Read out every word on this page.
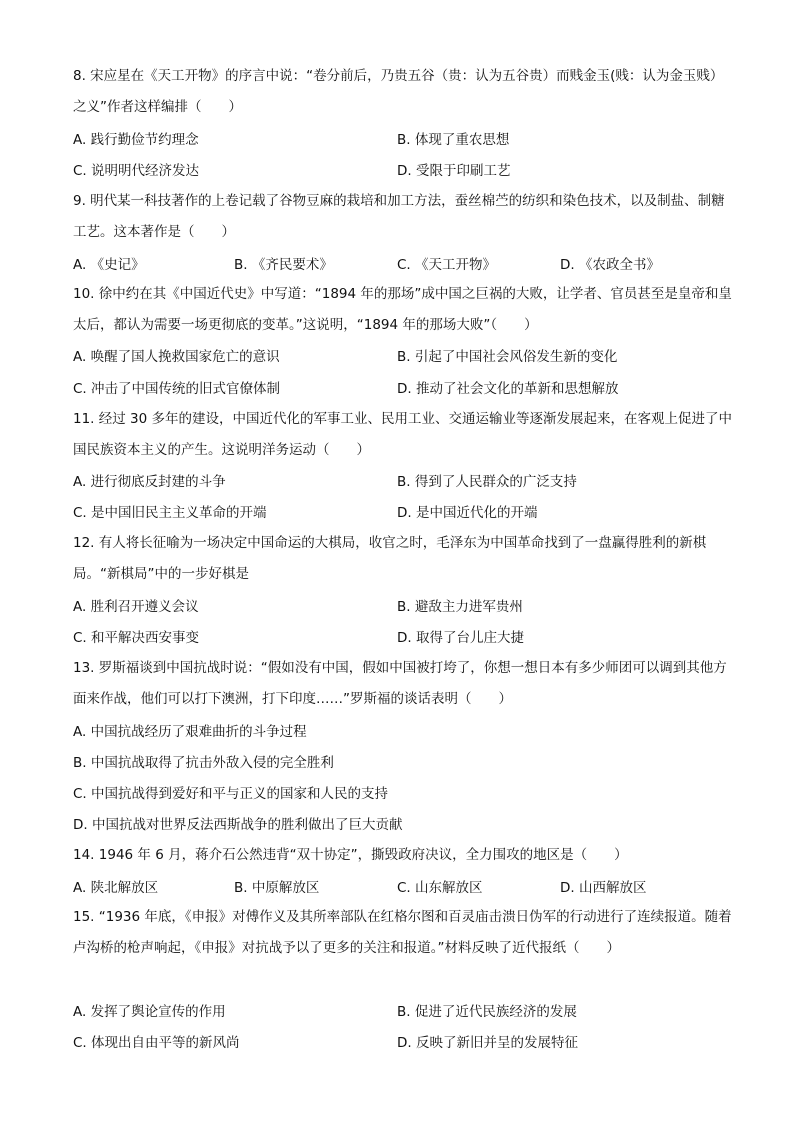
8. 宋应星在《天工开物》的序言中说：“卷分前后，乃贵五谷（贵：认为五谷贵）而贱金玉(贱：认为金玉贱）之义”作者这样编排（　　）
A. 践行勤俭节约理念	B. 体现了重农思想
C. 说明明代经济发达	D. 受限于印刷工艺
9. 明代某一科技著作的上卷记载了谷物豆麻的栽培和加工方法，蚕丝棉苎的纺织和染色技术，以及制盐、制糖工艺。这本著作是（　　）
A. 《史记》	B. 《齐民要术》	C. 《天工开物》	D. 《农政全书》
10. 徐中约在其《中国近代史》中写道：“1894 年的那场”成中国之巨祸的大败，让学者、官员甚至是皇帝和皇太后，都认为需要一场更彻底的变革。”这说明，“1894 年的那场大败”（　　）
A. 唤醒了国人挽救国家危亡的意识	B. 引起了中国社会风俗发生新的变化
C. 冲击了中国传统的旧式官僚体制	D. 推动了社会文化的革新和思想解放
11. 经过 30 多年的建设，中国近代化的军事工业、民用工业、交通运输业等逐渐发展起来，在客观上促进了中国民族资本主义的产生。这说明洋务运动（　　）
A. 进行彻底反封建的斗争	B. 得到了人民群众的广泛支持
C. 是中国旧民主主义革命的开端	D. 是中国近代化的开端
12. 有人将长征喻为一场决定中国命运的大棋局，收官之时，毛泽东为中国革命找到了一盘赢得胜利的新棋局。“新棋局”中的一步好棋是
A. 胜利召开遵义会议	B. 避敌主力进军贵州
C. 和平解决西安事变	D. 取得了台儿庄大捷
13. 罗斯福谈到中国抗战时说：“假如没有中国，假如中国被打垮了，你想一想日本有多少师团可以调到其他方面来作战，他们可以打下澳洲，打下印度……”罗斯福的谈话表明（　　）
A. 中国抗战经历了艰难曲折的斗争过程
B. 中国抗战取得了抗击外敌入侵的完全胜利
C. 中国抗战得到爱好和平与正义的国家和人民的支持
D. 中国抗战对世界反法西斯战争的胜利做出了巨大贡献
14. 1946 年 6 月，蒋介石公然违背“双十协定”，撕毁政府决议，全力围攻的地区是（　　）
A. 陕北解放区	B. 中原解放区	C. 山东解放区	D. 山西解放区
15. “1936 年底，《申报》对傅作义及其所率部队在红格尔图和百灵庙击溃日伪军的行动进行了连续报道。随着卢沟桥的枪声响起，《申报》对抗战予以了更多的关注和报道。”材料反映了近代报纸（　　）
A. 发挥了舆论宣传的作用	B. 促进了近代民族经济的发展
C. 体现出自由平等的新风尚	D. 反映了新旧并呈的发展特征
